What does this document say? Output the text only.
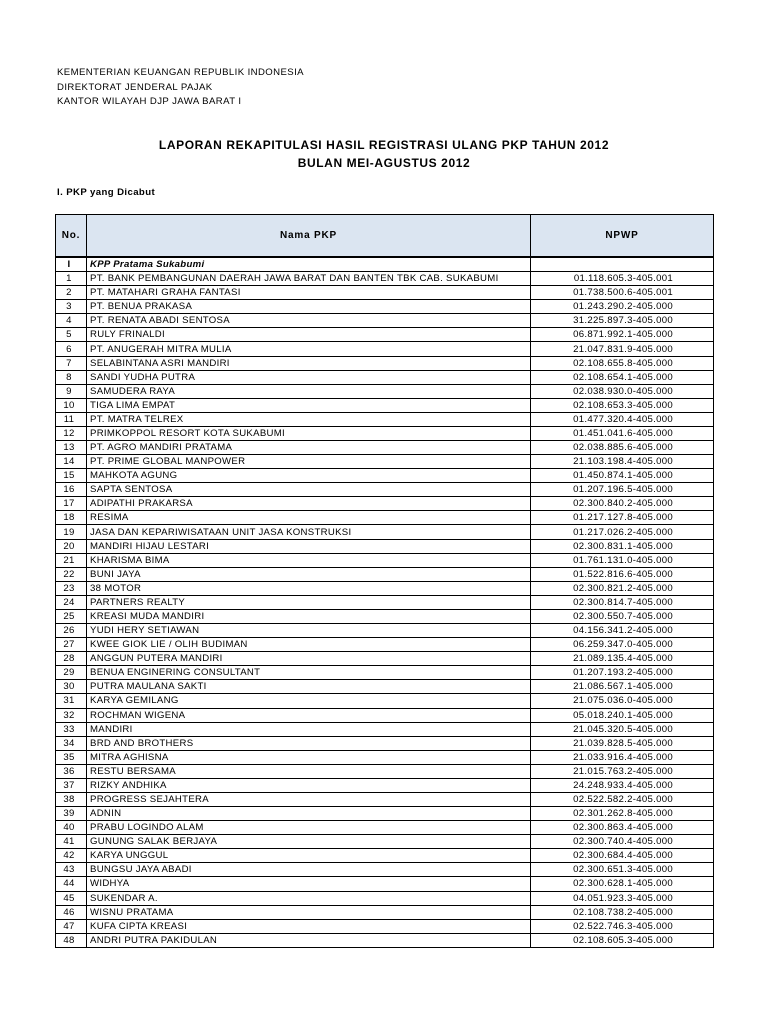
KEMENTERIAN KEUANGAN REPUBLIK INDONESIA
DIREKTORAT JENDERAL PAJAK
KANTOR WILAYAH DJP JAWA BARAT I
LAPORAN REKAPITULASI HASIL REGISTRASI ULANG PKP TAHUN 2012
BULAN MEI-AGUSTUS 2012
I. PKP yang Dicabut
No.	Nama PKP	NPWP
I	KPP Pratama Sukabumi	
1	PT. BANK PEMBANGUNAN DAERAH JAWA BARAT DAN BANTEN TBK CAB. SUKABUMI	01.118.605.3-405.001
2	PT. MATAHARI GRAHA FANTASI	01.738.500.6-405.001
3	PT. BENUA PRAKASA	01.243.290.2-405.000
4	PT. RENATA ABADI SENTOSA	31.225.897.3-405.000
5	RULY FRINALDI	06.871.992.1-405.000
6	PT. ANUGERAH MITRA MULIA	21.047.831.9-405.000
7	SELABINTANA ASRI MANDIRI	02.108.655.8-405.000
8	SANDI YUDHA PUTRA	02.108.654.1-405.000
9	SAMUDERA RAYA	02.038.930.0-405.000
10	TIGA LIMA EMPAT	02.108.653.3-405.000
11	PT. MATRA TELREX	01.477.320.4-405.000
12	PRIMKOPPOL RESORT KOTA SUKABUMI	01.451.041.6-405.000
13	PT. AGRO MANDIRI PRATAMA	02.038.885.6-405.000
14	PT. PRIME GLOBAL MANPOWER	21.103.198.4-405.000
15	MAHKOTA AGUNG	01.450.874.1-405.000
16	SAPTA SENTOSA	01.207.196.5-405.000
17	ADIPATHI PRAKARSA	02.300.840.2-405.000
18	RESIMA	01.217.127.8-405.000
19	JASA DAN KEPARIWISATAAN UNIT JASA KONSTRUKSI	01.217.026.2-405.000
20	MANDIRI HIJAU LESTARI	02.300.831.1-405.000
21	KHARISMA BIMA	01.761.131.0-405.000
22	BUNI JAYA	01.522.816.6-405.000
23	38 MOTOR	02.300.821.2-405.000
24	PARTNERS REALTY	02.300.814.7-405.000
25	KREASI MUDA MANDIRI	02.300.550.7-405.000
26	YUDI HERY SETIAWAN	04.156.341.2-405.000
27	KWEE GIOK LIE / OLIH BUDIMAN	06.259.347.0-405.000
28	ANGGUN PUTERA MANDIRI	21.089.135.4-405.000
29	BENUA ENGINERING CONSULTANT	01.207.193.2-405.000
30	PUTRA MAULANA SAKTI	21.086.567.1-405.000
31	KARYA GEMILANG	21.075.036.0-405.000
32	ROCHMAN WIGENA	05.018.240.1-405.000
33	MANDIRI	21.045.320.5-405.000
34	BRD AND BROTHERS	21.039.828.5-405.000
35	MITRA AGHISNA	21.033.916.4-405.000
36	RESTU BERSAMA	21.015.763.2-405.000
37	RIZKY ANDHIKA	24.248.933.4-405.000
38	PROGRESS SEJAHTERA	02.522.582.2-405.000
39	ADNIN	02.301.262.8-405.000
40	PRABU LOGINDO ALAM	02.300.863.4-405.000
41	GUNUNG SALAK BERJAYA	02.300.740.4-405.000
42	KARYA UNGGUL	02.300.684.4-405.000
43	BUNGSU JAYA ABADI	02.300.651.3-405.000
44	WIDHYA	02.300.628.1-405.000
45	SUKENDAR A.	04.051.923.3-405.000
46	WISNU PRATAMA	02.108.738.2-405.000
47	KUFA CIPTA KREASI	02.522.746.3-405.000
48	ANDRI PUTRA PAKIDULAN	02.108.605.3-405.000
